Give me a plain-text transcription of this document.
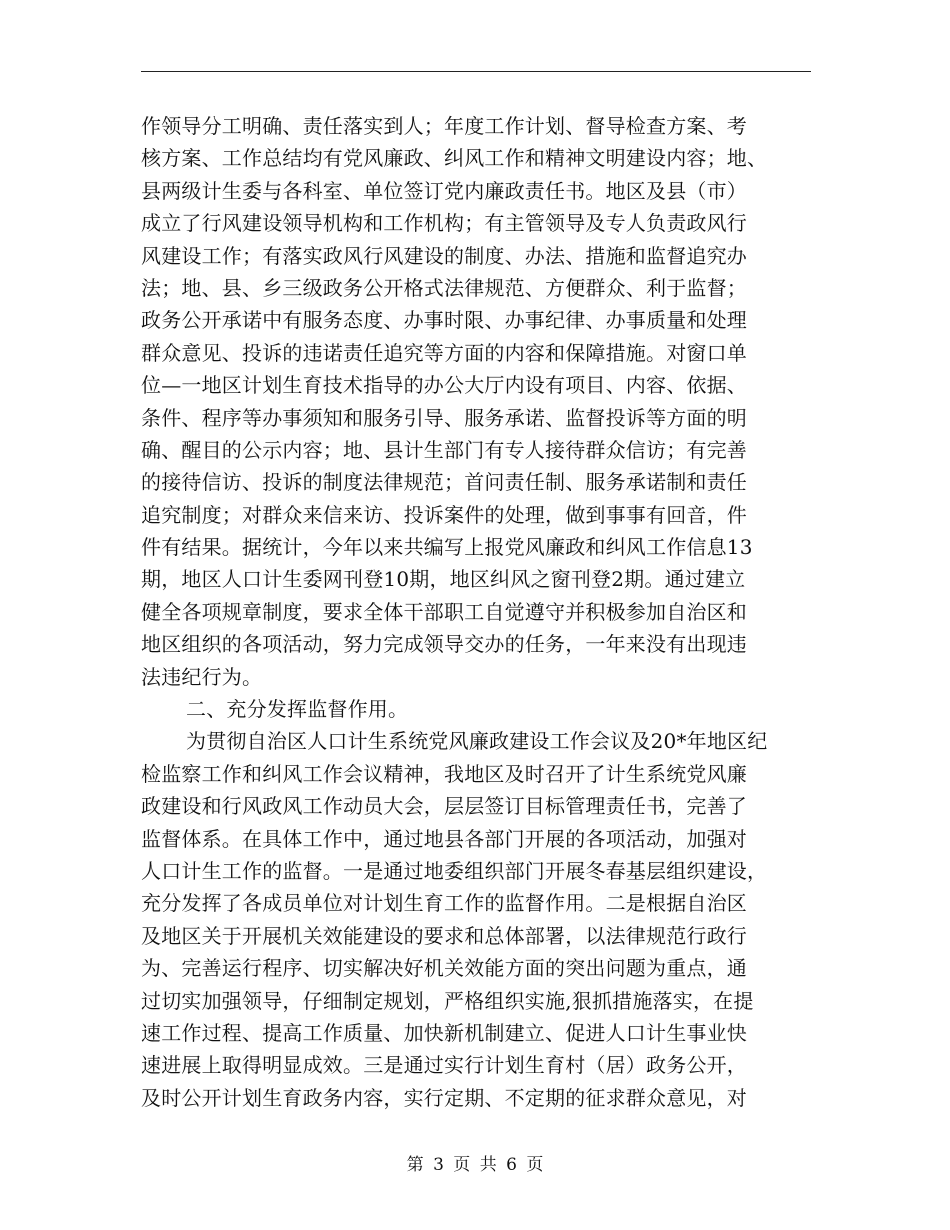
作领导分工明确、责任落实到人；年度工作计划、督导检查方案、考
核方案、工作总结均有党风廉政、纠风工作和精神文明建设内容；地、
县两级计生委与各科室、单位签订党内廉政责任书。地区及县（市）
成立了行风建设领导机构和工作机构；有主管领导及专人负责政风行
风建设工作；有落实政风行风建设的制度、办法、措施和监督追究办
法；地、县、乡三级政务公开格式法律规范、方便群众、利于监督；
政务公开承诺中有服务态度、办事时限、办事纪律、办事质量和处理
群众意见、投诉的违诺责任追究等方面的内容和保障措施。对窗口单
位—一地区计划生育技术指导的办公大厅内设有项目、内容、依据、
条件、程序等办事须知和服务引导、服务承诺、监督投诉等方面的明
确、醒目的公示内容；地、县计生部门有专人接待群众信访；有完善
的接待信访、投诉的制度法律规范；首问责任制、服务承诺制和责任
追究制度；对群众来信来访、投诉案件的处理，做到事事有回音，件
件有结果。据统计，今年以来共编写上报党风廉政和纠风工作信息13
期，地区人口计生委网刊登10期，地区纠风之窗刊登2期。通过建立
健全各项规章制度，要求全体干部职工自觉遵守并积极参加自治区和
地区组织的各项活动，努力完成领导交办的任务，一年来没有出现违
法违纪行为。
二、充分发挥监督作用。
为贯彻自治区人口计生系统党风廉政建设工作会议及20*年地区纪
检监察工作和纠风工作会议精神，我地区及时召开了计生系统党风廉
政建设和行风政风工作动员大会，层层签订目标管理责任书，完善了
监督体系。在具体工作中，通过地县各部门开展的各项活动，加强对
人口计生工作的监督。一是通过地委组织部门开展冬春基层组织建设，
充分发挥了各成员单位对计划生育工作的监督作用。二是根据自治区
及地区关于开展机关效能建设的要求和总体部署，以法律规范行政行
为、完善运行程序、切实解决好机关效能方面的突出问题为重点，通
过切实加强领导，仔细制定规划，严格组织实施,狠抓措施落实，在提
速工作过程、提高工作质量、加快新机制建立、促进人口计生事业快
速进展上取得明显成效。三是通过实行计划生育村（居）政务公开，
及时公开计划生育政务内容，实行定期、不定期的征求群众意见，对
第 3 页 共 6 页
